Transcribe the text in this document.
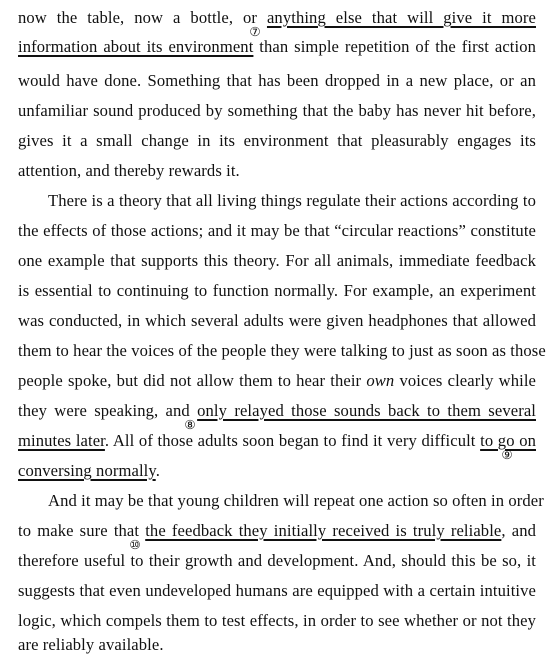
now the table, now a bottle, or anything else that will give it more
information about its environment than simple repetition of the first action
would have done. Something that has been dropped in a new place, or an
unfamiliar sound produced by something that the baby has never hit before,
gives it a small change in its environment that pleasurably engages its
attention, and thereby rewards it.
There is a theory that all living things regulate their actions according to
the effects of those actions; and it may be that “circular reactions” constitute
one example that supports this theory. For all animals, immediate feedback
is essential to continuing to function normally. For example, an experiment
was conducted, in which several adults were given headphones that allowed
them to hear the voices of the people they were talking to just as soon as those
people spoke, but did not allow them to hear their own voices clearly while
they were speaking, and only relayed those sounds back to them several
minutes later. All of those adults soon began to find it very difficult to go on
conversing normally.
And it may be that young children will repeat one action so often in order
to make sure that the feedback they initially received is truly reliable, and
therefore useful to their growth and development. And, should this be so, it
suggests that even undeveloped humans are equipped with a certain intuitive
logic, which compels them to test effects, in order to see whether or not they
are reliably available.
⑦
⑧
⑨
⑩
